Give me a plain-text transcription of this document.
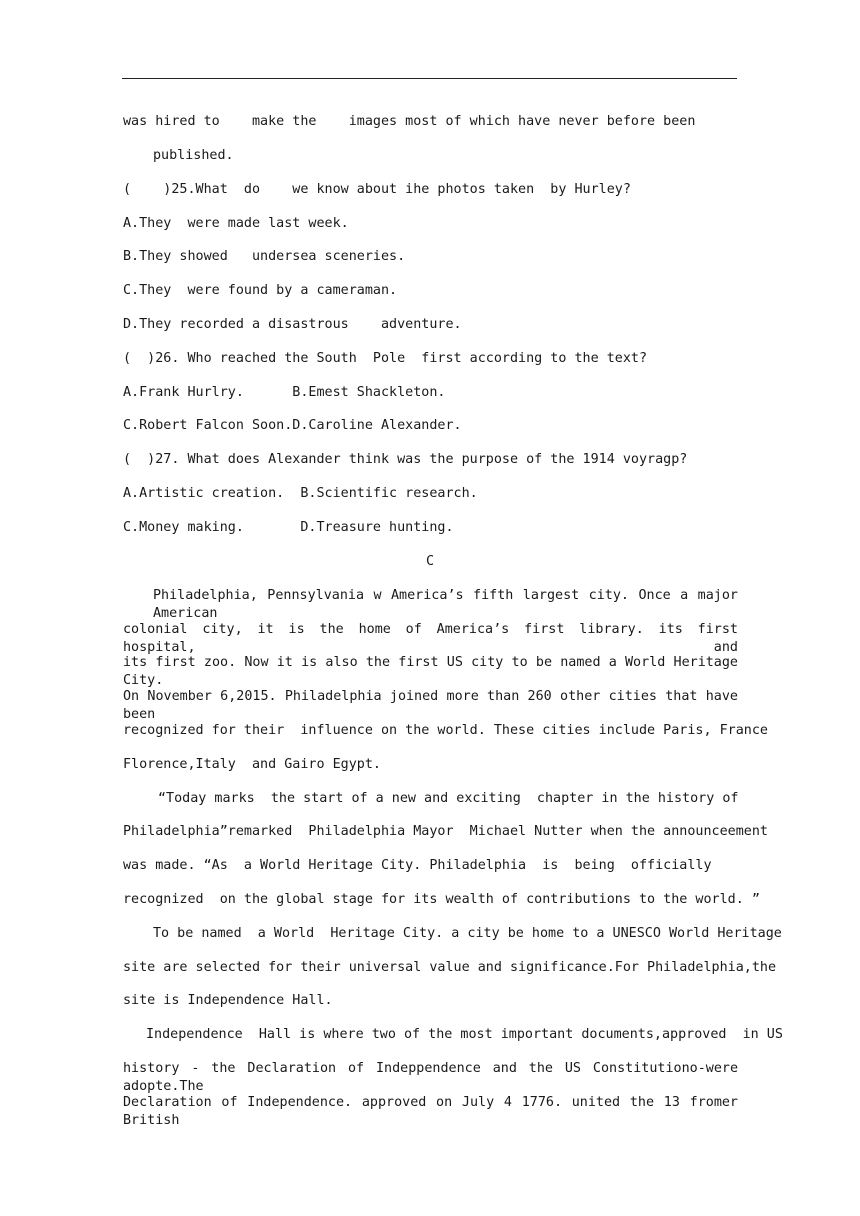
was hired to    make the    images most of which have never before been
published.
(    )25.What  do    we know about ihe photos taken  by Hurley?
A.They  were made last week.
B.They showed   undersea sceneries.
C.They  were found by a cameraman.
D.They recorded a disastrous    adventure.
(  )26. Who reached the South  Pole  first according to the text?
A.Frank Hurlry.      B.Emest Shackleton.
C.Robert Falcon Soon.D.Caroline Alexander.
(  )27. What does Alexander think was the purpose of the 1914 voyragp?
A.Artistic creation.  B.Scientific research.
C.Money making.       D.Treasure hunting.
C
Philadelphia, Pennsylvania w America’s fifth largest city. Once a major American
colonial city, it is the home of America’s first library. its first hospital, and
its first zoo. Now it is also the first US city to be named a World Heritage City.
On November 6,2015. Philadelphia joined more than 260 other cities that have been
recognized for their  influence on the world. These cities include Paris, France
Florence,Italy  and Gairo Egypt.
“Today marks  the start of a new and exciting  chapter in the history of
Philadelphia”remarked  Philadelphia Mayor  Michael Nutter when the announceement
was made. “As  a World Heritage City. Philadelphia  is  being  officially
recognized  on the global stage for its wealth of contributions to the world. ”
To be named  a World  Heritage City. a city be home to a UNESCO World Heritage
site are selected for their universal value and significance.For Philadelphia,the
site is Independence Hall.
Independence  Hall is where two of the most important documents,approved  in US
history - the Declaration of Indeppendence and the US Constitutiono-were adopte.The
Declaration of Independence. approved on July 4 1776. united the 13 fromer British
